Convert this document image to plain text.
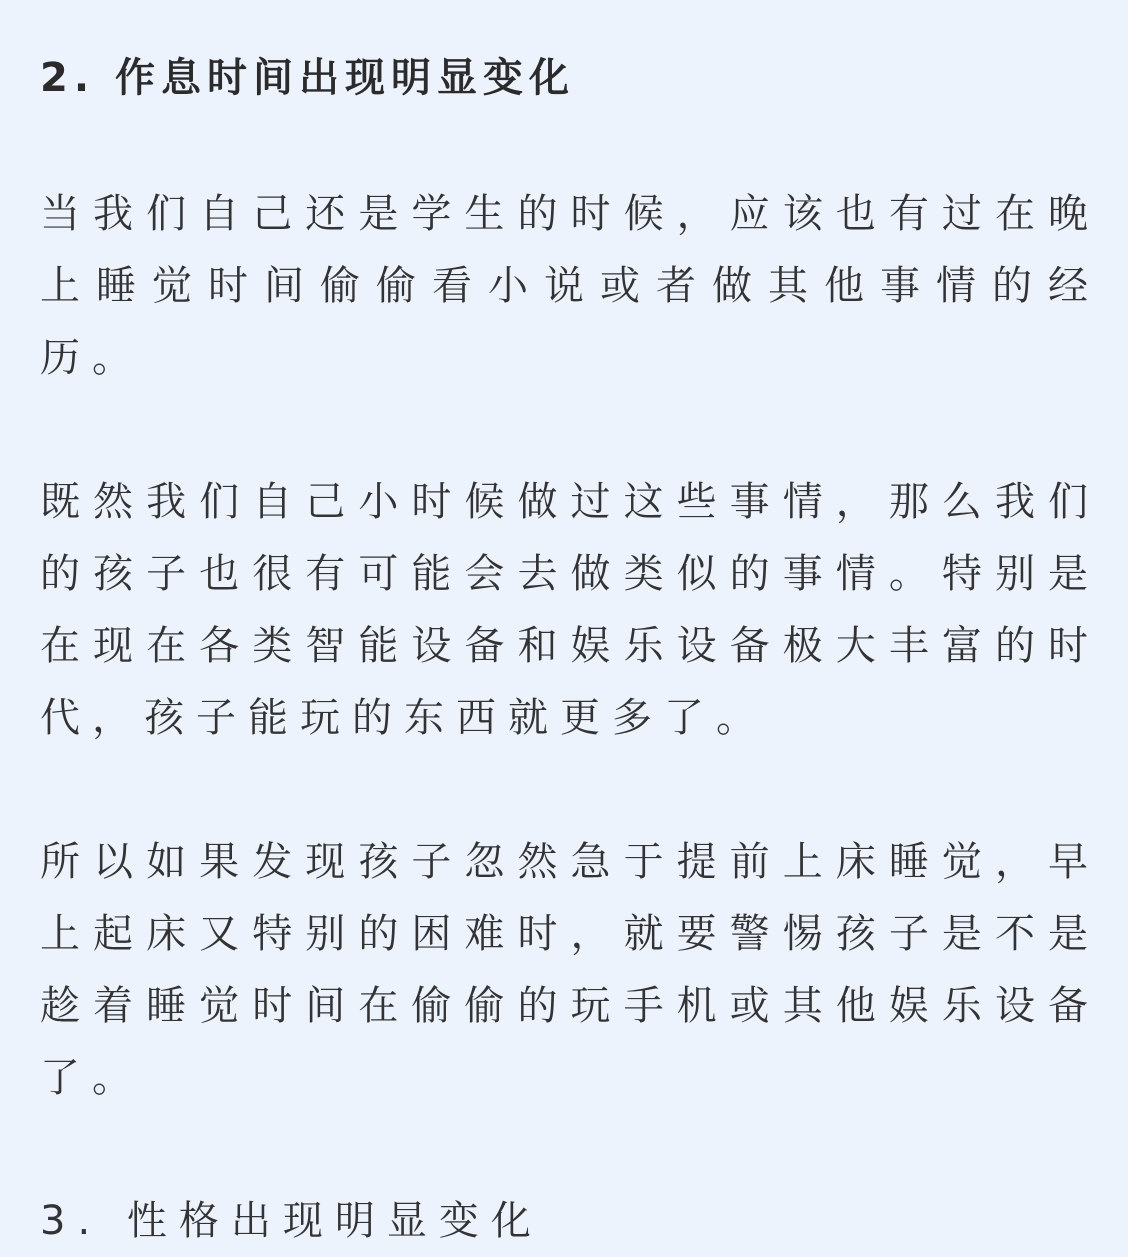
2. 作息时间出现明显变化

当我们自己还是学生的时候，应该也有过在晚
上睡觉时间偷偷看小说或者做其他事情的经
历。

既然我们自己小时候做过这些事情，那么我们
的孩子也很有可能会去做类似的事情。特别是
在现在各类智能设备和娱乐设备极大丰富的时
代，孩子能玩的东西就更多了。

所以如果发现孩子忽然急于提前上床睡觉，早
上起床又特别的困难时，就要警惕孩子是不是
趁着睡觉时间在偷偷的玩手机或其他娱乐设备
了。

3. 性格出现明显变化
